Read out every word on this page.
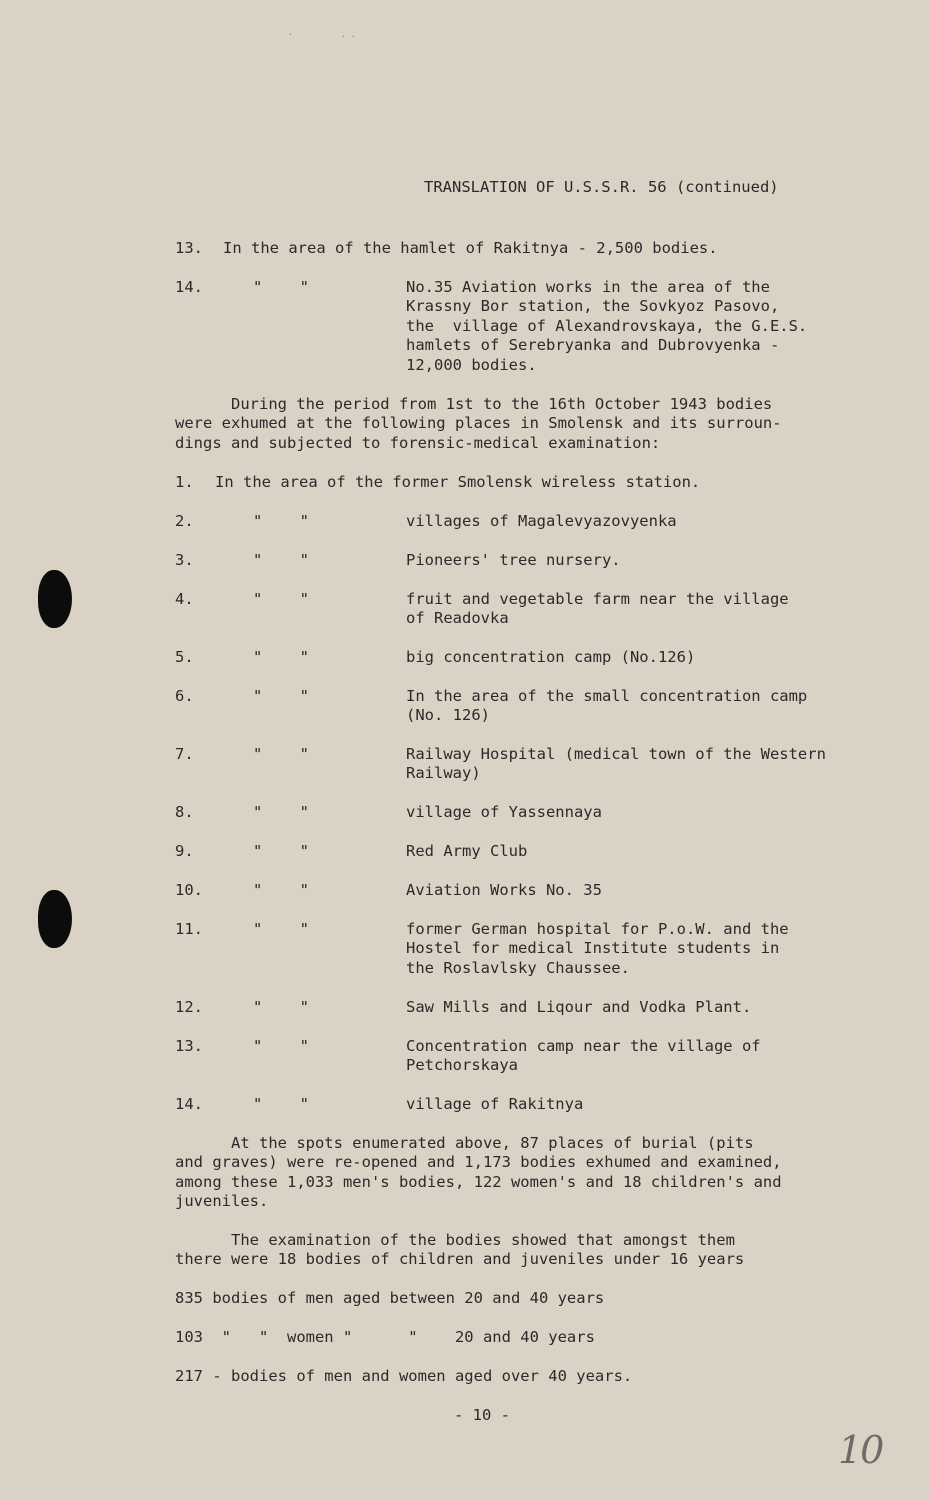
·          . .
TRANSLATION OF U.S.S.R. 56 (continued)
13. In the area of the hamlet of Rakitnya - 2,500 bodies.
14.	"    "	No.35 Aviation works in the area of the
Krassny Bor station, the Sovkyoz Pasovo,
the  village of Alexandrovskaya, the G.E.S.
hamlets of Serebryanka and Dubrovyenka -
12,000 bodies.
During the period from 1st to the 16th October 1943 bodies
were exhumed at the following places in Smolensk and its surroun-
dings and subjected to forensic-medical examination:
1. In the area of the former Smolensk wireless station.
2.	"    "	villages of Magalevyazovyenka
3.	"    "	Pioneers' tree nursery.
4.	"    "	fruit and vegetable farm near the village
of Readovka
5.	"    "	big concentration camp (No.126)
6.	"    "	In the area of the small concentration camp
(No. 126)
7.	"    "	Railway Hospital (medical town of the Western
Railway)
8.	"    "	village of Yassennaya
9.	"    "	Red Army Club
10.	"    "	Aviation Works No. 35
11.	"    "	former German hospital for P.o.W. and the
Hostel for medical Institute students in
the Roslavlsky Chaussee.
12.	"    "	Saw Mills and Liqour and Vodka Plant.
13.	"    "	Concentration camp near the village of
Petchorskaya
14.	"    "	village of Rakitnya
At the spots enumerated above, 87 places of burial (pits
and graves) were re-opened and 1,173 bodies exhumed and examined,
among these 1,033 men's bodies, 122 women's and 18 children's and
juveniles.
The examination of the bodies showed that amongst them
there were 18 bodies of children and juveniles under 16 years
835 bodies of men aged between 20 and 40 years
103  "   "  women "      "    20 and 40 years
217 - bodies of men and women aged over 40 years.
- 10 -
10
